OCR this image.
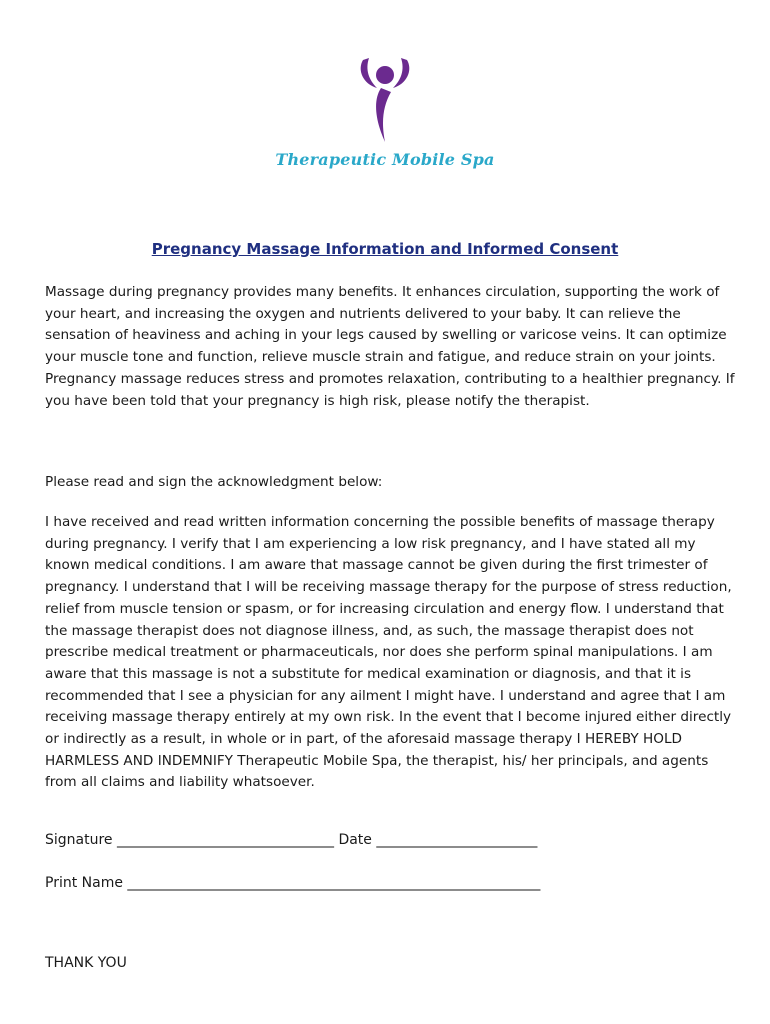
Therapeutic Mobile Spa
Pregnancy Massage Information and Informed Consent

Massage during pregnancy provides many benefits. It enhances circulation, supporting the work of your heart, and increasing the oxygen and nutrients delivered to your baby. It can relieve the sensation of heaviness and aching in your legs caused by swelling or varicose veins. It can optimize your muscle tone and function, relieve muscle strain and fatigue, and reduce strain on your joints. Pregnancy massage reduces stress and promotes relaxation, contributing to a healthier pregnancy. If you have been told that your pregnancy is high risk, please notify the therapist.

Please read and sign the acknowledgment below:

I have received and read written information concerning the possible benefits of massage therapy during pregnancy. I verify that I am experiencing a low risk pregnancy, and I have stated all my known medical conditions. I am aware that massage cannot be given during the first trimester of pregnancy. I understand that I will be receiving massage therapy for the purpose of stress reduction, relief from muscle tension or spasm, or for increasing circulation and energy flow. I understand that the massage therapist does not diagnose illness, and, as such, the massage therapist does not prescribe medical treatment or pharmaceuticals, nor does she perform spinal manipulations. I am aware that this massage is not a substitute for medical examination or diagnosis, and that it is recommended that I see a physician for any ailment I might have. I understand and agree that I am receiving massage therapy entirely at my own risk. In the event that I become injured either directly or indirectly as a result, in whole or in part, of the aforesaid massage therapy I HEREBY HOLD HARMLESS AND INDEMNIFY Therapeutic Mobile Spa, the therapist, his/ her principals, and agents from all claims and liability whatsoever.

Signature _______________________________ Date _______________________
Print Name ___________________________________________________________
THANK YOU
